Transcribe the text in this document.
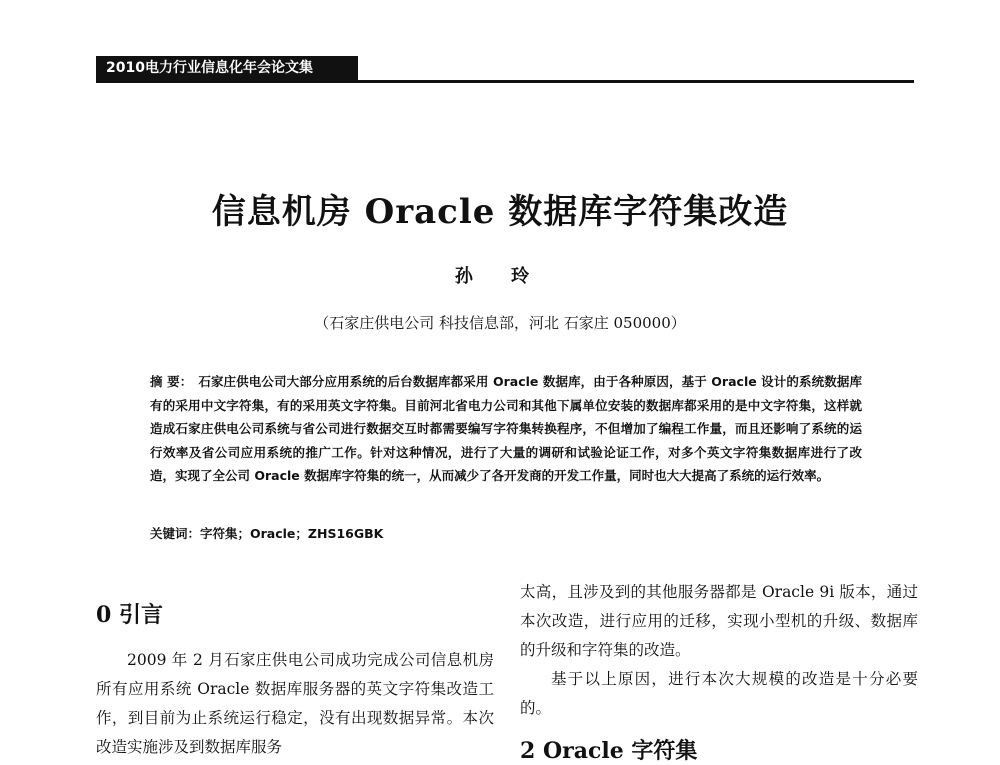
2010电力行业信息化年会论文集
信息机房 Oracle 数据库字符集改造
孙 玲
（石家庄供电公司 科技信息部，河北 石家庄 050000）
摘 要： 石家庄供电公司大部分应用系统的后台数据库都采用 Oracle 数据库，由于各种原因，基于 Oracle 设计的系统数据库有的采用中文字符集，有的采用英文字符集。目前河北省电力公司和其他下属单位安装的数据库都采用的是中文字符集，这样就造成石家庄供电公司系统与省公司进行数据交互时都需要编写字符集转换程序，不但增加了编程工作量，而且还影响了系统的运行效率及省公司应用系统的推广工作。针对这种情况，进行了大量的调研和试验论证工作，对多个英文字符集数据库进行了改造，实现了全公司 Oracle 数据库字符集的统一，从而减少了各开发商的开发工作量，同时也大大提高了系统的运行效率。
关键词：字符集；Oracle；ZHS16GBK
0 引言

2009 年 2 月石家庄供电公司成功完成公司信息机房所有应用系统 Oracle 数据库服务器的英文字符集改造工作，到目前为止系统运行稳定，没有出现数据异常。本次改造实施涉及到数据库服务

太高，且涉及到的其他服务器都是 Oracle 9i 版本，通过本次改造，进行应用的迁移，实现小型机的升级、数据库的升级和字符集的改造。

基于以上原因，进行本次大规模的改造是十分必要的。

2 Oracle 字符集
